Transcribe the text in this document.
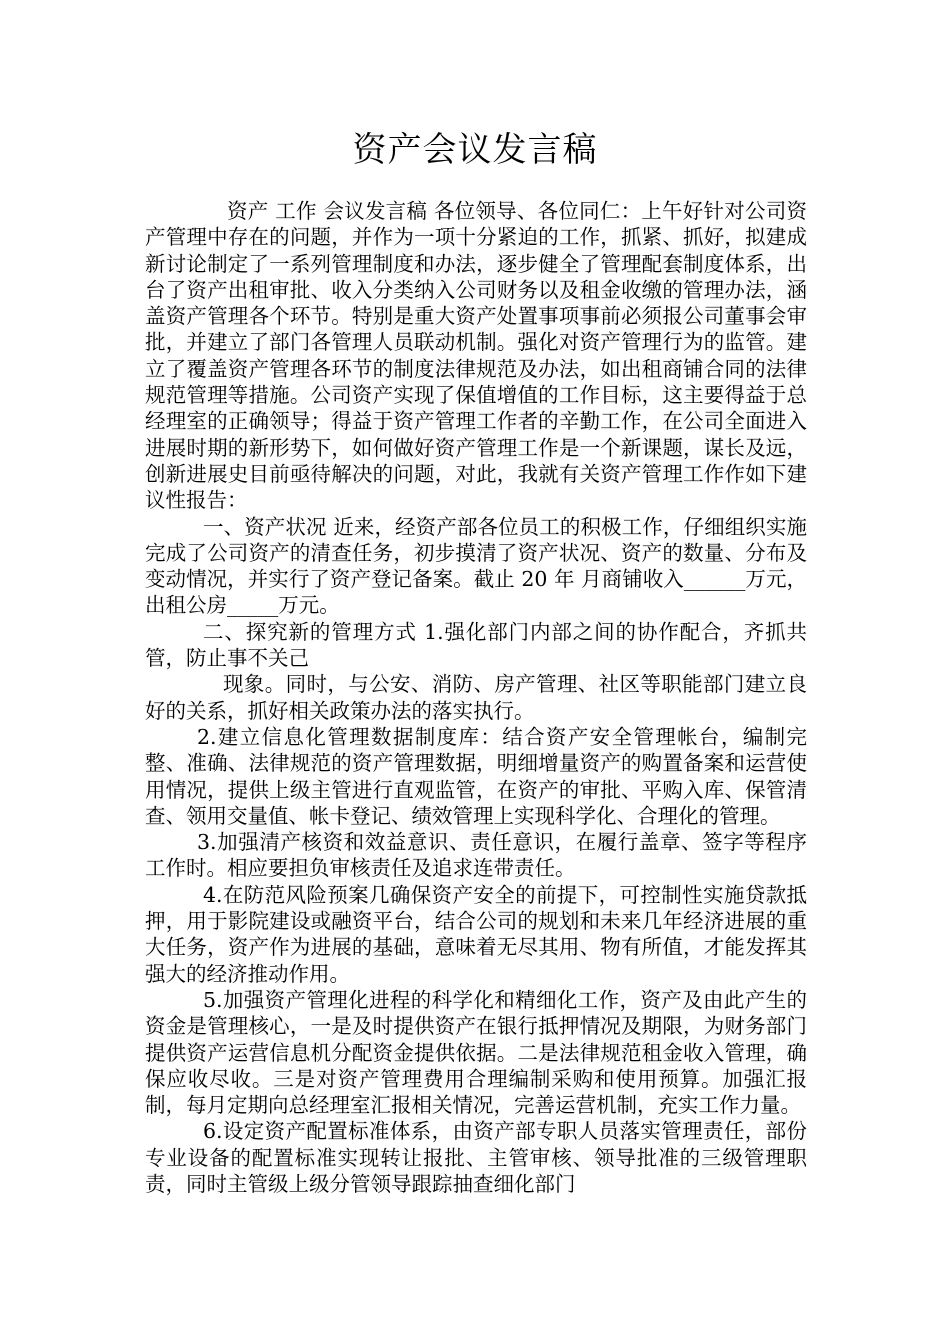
资产会议发言稿

资产 工作 会议发言稿 各位领导、各位同仁：上午好针对公司资产管理中存在的问题，并作为一项十分紧迫的工作，抓紧、抓好，拟建成新讨论制定了一系列管理制度和办法，逐步健全了管理配套制度体系，出台了资产出租审批、收入分类纳入公司财务以及租金收缴的管理办法，涵盖资产管理各个环节。特别是重大资产处置事项事前必须报公司董事会审批，并建立了部门各管理人员联动机制。强化对资产管理行为的监管。建立了覆盖资产管理各环节的制度法律规范及办法，如出租商铺合同的法律规范管理等措施。公司资产实现了保值增值的工作目标，这主要得益于总经理室的正确领导；得益于资产管理工作者的辛勤工作，在公司全面进入进展时期的新形势下，如何做好资产管理工作是一个新课题，谋长及远，创新进展史目前亟待解决的问题，对此，我就有关资产管理工作作如下建议性报告：

一、资产状况 近来，经资产部各位员工的积极工作，仔细组织实施完成了公司资产的清查任务，初步摸清了资产状况、资产的数量、分布及变动情况，并实行了资产登记备案。截止 20 年 月商铺收入______万元，出租公房_____万元。

二、探究新的管理方式 1.强化部门内部之间的协作配合，齐抓共管，防止事不关己

现象。同时，与公安、消防、房产管理、社区等职能部门建立良好的关系，抓好相关政策办法的落实执行。

2.建立信息化管理数据制度库：结合资产安全管理帐台，编制完整、准确、法律规范的资产管理数据，明细增量资产的购置备案和运营使用情况，提供上级主管进行直观监管，在资产的审批、平购入库、保管清查、领用交量值、帐卡登记、绩效管理上实现科学化、合理化的管理。

3.加强清产核资和效益意识、责任意识，在履行盖章、签字等程序工作时。相应要担负审核责任及追求连带责任。

4.在防范风险预案几确保资产安全的前提下，可控制性实施贷款抵押，用于影院建设或融资平台，结合公司的规划和未来几年经济进展的重大任务，资产作为进展的基础，意味着无尽其用、物有所值，才能发挥其强大的经济推动作用。

5.加强资产管理化进程的科学化和精细化工作，资产及由此产生的资金是管理核心，一是及时提供资产在银行抵押情况及期限，为财务部门提供资产运营信息机分配资金提供依据。二是法律规范租金收入管理，确保应收尽收。三是对资产管理费用合理编制采购和使用预算。加强汇报制，每月定期向总经理室汇报相关情况，完善运营机制，充实工作力量。

6.设定资产配置标准体系，由资产部专职人员落实管理责任，部份专业设备的配置标准实现转让报批、主管审核、领导批准的三级管理职责，同时主管级上级分管领导跟踪抽查细化部门
